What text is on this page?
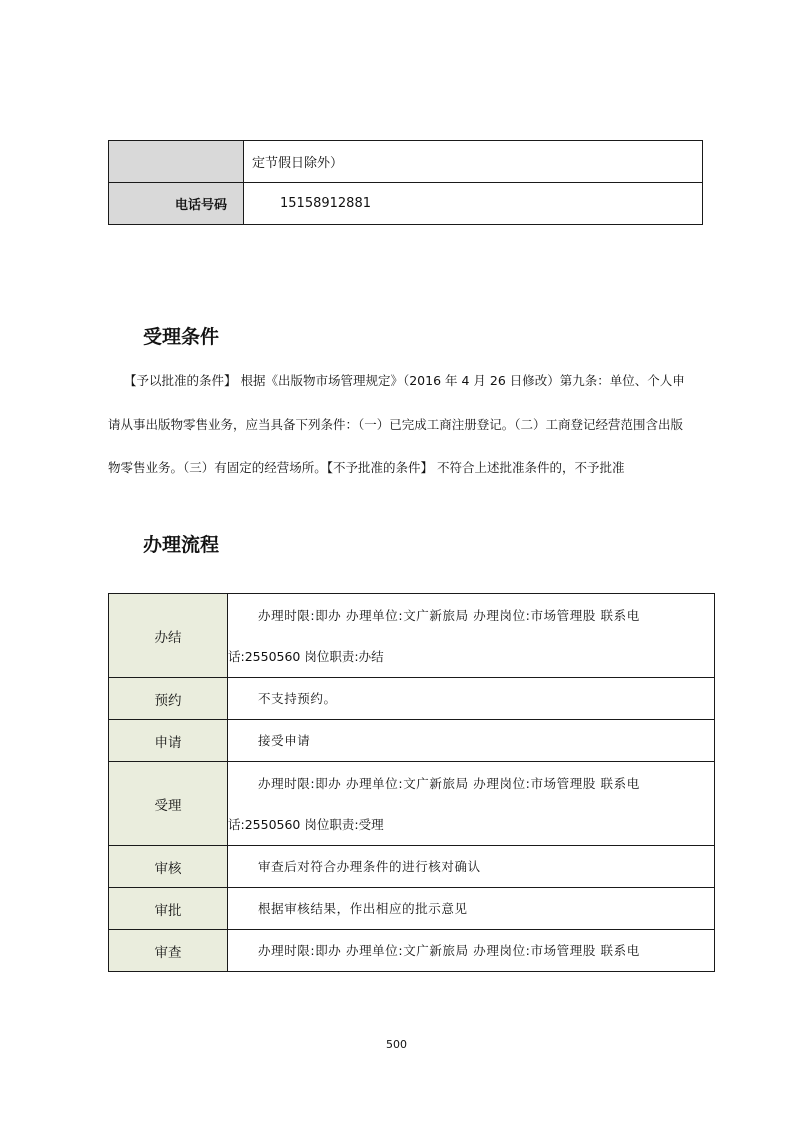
	定节假日除外）
电话号码	15158912881
受理条件

【予以批准的条件】 根据《出版物市场管理规定》（2016 年 4 月 26 日修改）第九条：单位、个人申请从事出版物零售业务，应当具备下列条件：（一）已完成工商注册登记。（二）工商登记经营范围含出版物零售业务。（三）有固定的经营场所。【不予批准的条件】 不符合上述批准条件的，不予批准

办理流程
办结	办理时限:即办 办理单位:文广新旅局 办理岗位:市场管理股 联系电
话:2550560 岗位职责:办结

预约	不支持预约。

申请	接受申请

受理	办理时限:即办 办理单位:文广新旅局 办理岗位:市场管理股 联系电
话:2550560 岗位职责:受理

审核	审查后对符合办理条件的进行核对确认

审批	根据审核结果，作出相应的批示意见

审查	办理时限:即办 办理单位:文广新旅局 办理岗位:市场管理股 联系电
500
